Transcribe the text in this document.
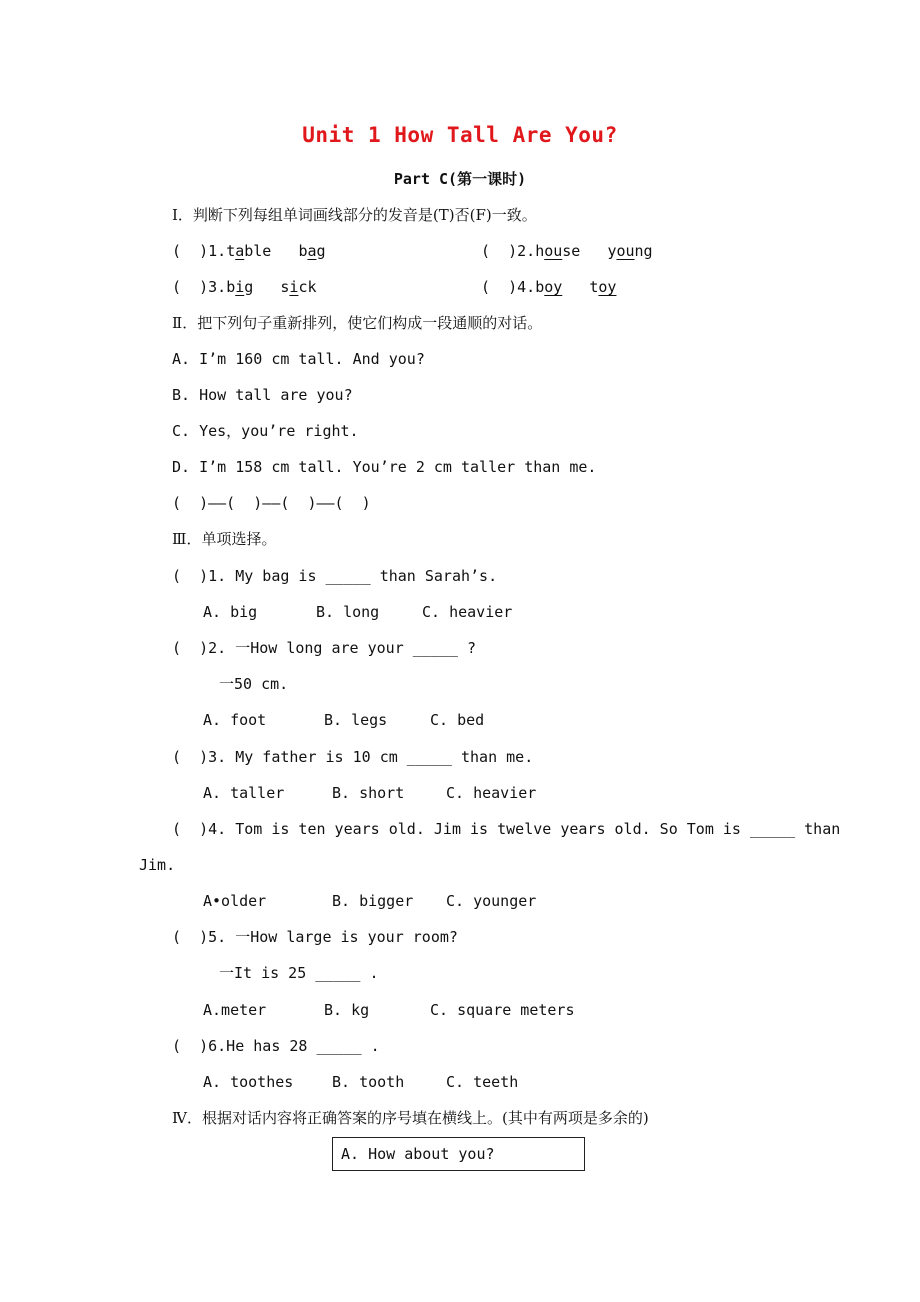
Unit 1 How Tall Are You?
Part C(第一课时)
I．判断下列每组单词画线部分的发音是(T)否(F)一致。
(  )1.table bag	(  )2.house young
(  )3.big sick	(  )4.boy toy
Ⅱ．把下列句子重新排列，使它们构成一段通顺的对话。
A. I’m 160 cm tall. And you?
B. How tall are you?
C. Yes，you’re right.
D. I’m 158 cm tall. You’re 2 cm taller than me.
(  )——(  )——(  )——(  )
Ⅲ．单项选择。
(  )1. My bag is _____ than Sarah’s.
A. big	B. long	C. heavier
(  )2. 一How long are your _____ ?
一50 cm.
A. foot	B. legs	C. bed
(  )3. My father is 10 cm _____ than me.
A. taller	B. short	C. heavier
(  )4. Tom is ten years old. Jim is twelve years old. So Tom is _____ than
Jim.
A•older	B. bigger C. younger
(  )5. 一How large is your room?
一It is 25 _____ .
A.meter	B. kg	C. square meters
(  )6.He has 28 _____ .
A. toothes	B. tooth	C. teeth
Ⅳ．根据对话内容将正确答案的序号填在横线上。(其中有两项是多余的)
A. How about you?
